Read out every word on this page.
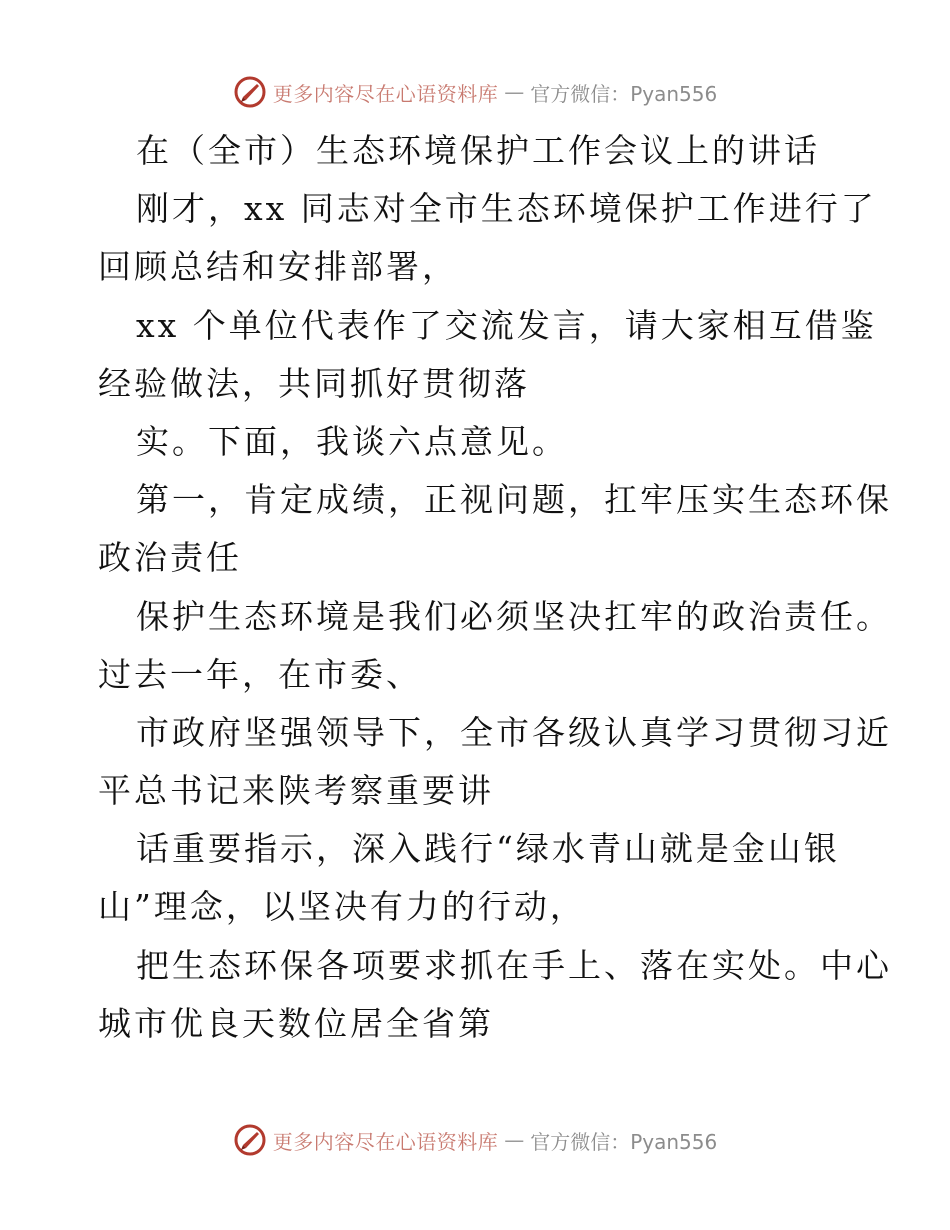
更多内容尽在心语资料库 — 官方微信：Pyan556
在（全市）生态环境保护工作会议上的讲话
刚才，xx 同志对全市生态环境保护工作进行了
回顾总结和安排部署，
xx 个单位代表作了交流发言，请大家相互借鉴
经验做法，共同抓好贯彻落
实。下面，我谈六点意见。
第一，肯定成绩，正视问题，扛牢压实生态环保
政治责任
保护生态环境是我们必须坚决扛牢的政治责任。
过去一年，在市委、
市政府坚强领导下，全市各级认真学习贯彻习近
平总书记来陕考察重要讲
话重要指示，深入践行“绿水青山就是金山银
山”理念，以坚决有力的行动，
把生态环保各项要求抓在手上、落在实处。中心
城市优良天数位居全省第
更多内容尽在心语资料库 — 官方微信：Pyan556
